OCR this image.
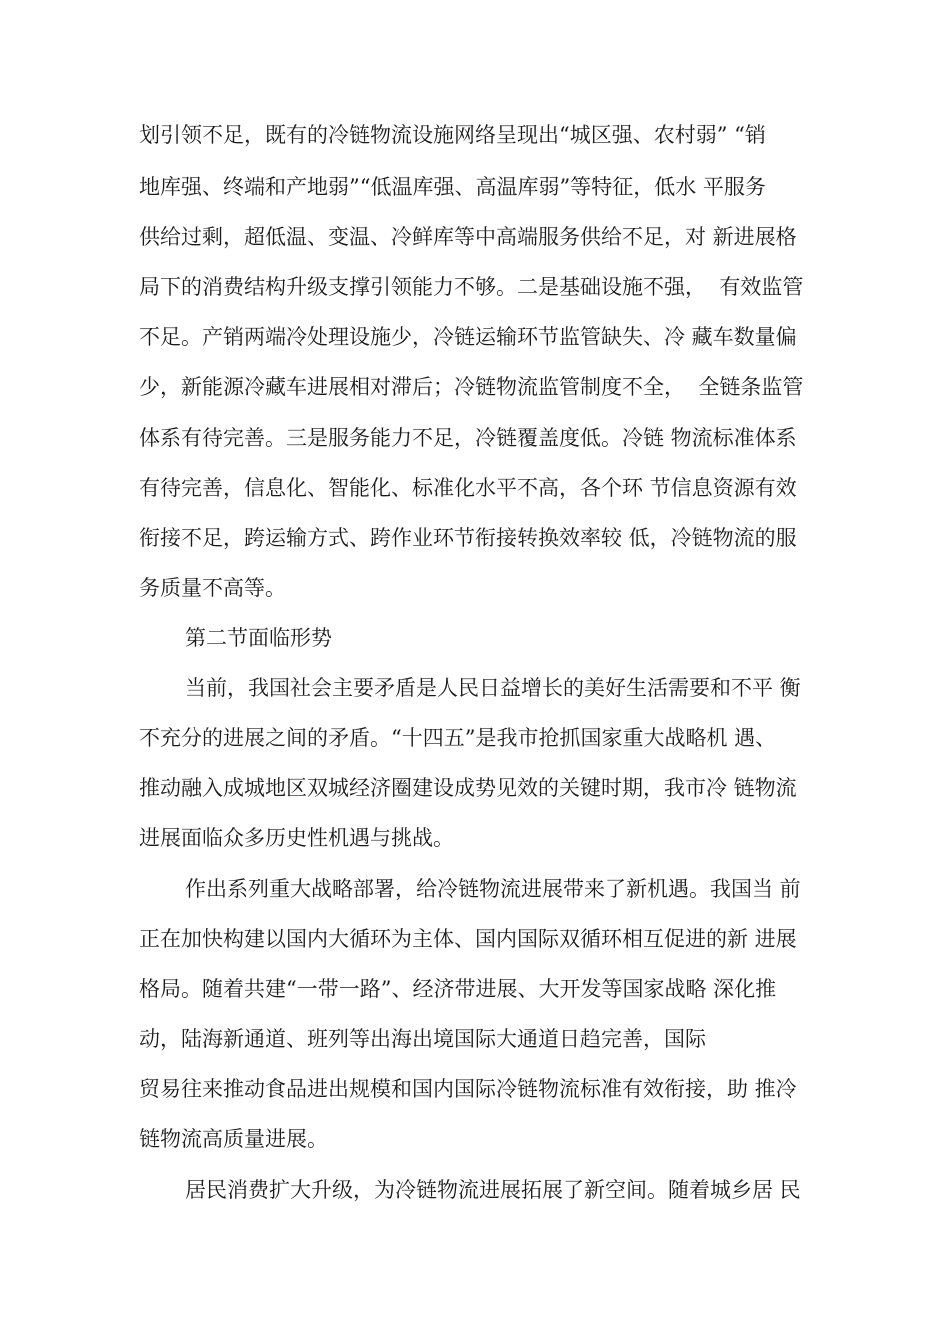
划引领不足，既有的冷链物流设施网络呈现出“城区强、农村弱” “销
地库强、终端和产地弱”“低温库强、高温库弱”等特征，低水 平服务
供给过剩，超低温、变温、冷鲜库等中高端服务供给不足，对 新进展格
局下的消费结构升级支撑引领能力不够。二是基础设施不强，  有效监管
不足。产销两端冷处理设施少，冷链运输环节监管缺失、冷 藏车数量偏
少，新能源冷藏车进展相对滞后；冷链物流监管制度不全，  全链条监管
体系有待完善。三是服务能力不足，冷链覆盖度低。冷链 物流标准体系
有待完善，信息化、智能化、标准化水平不高，各个环 节信息资源有效
衔接不足，跨运输方式、跨作业环节衔接转换效率较 低，冷链物流的服
务质量不高等。
第二节面临形势
当前，我国社会主要矛盾是人民日益增长的美好生活需要和不平 衡
不充分的进展之间的矛盾。“十四五”是我市抢抓国家重大战略机 遇、
推动融入成城地区双城经济圈建设成势见效的关键时期，我市冷 链物流
进展面临众多历史性机遇与挑战。
作出系列重大战略部署，给冷链物流进展带来了新机遇。我国当 前
正在加快构建以国内大循环为主体、国内国际双循环相互促进的新 进展
格局。随着共建“一带一路”、经济带进展、大开发等国家战略 深化推
动，陆海新通道、班列等出海出境国际大通道日趋完善，国际
贸易往来推动食品进出规模和国内国际冷链物流标准有效衔接，助 推冷
链物流高质量进展。
居民消费扩大升级，为冷链物流进展拓展了新空间。随着城乡居 民
